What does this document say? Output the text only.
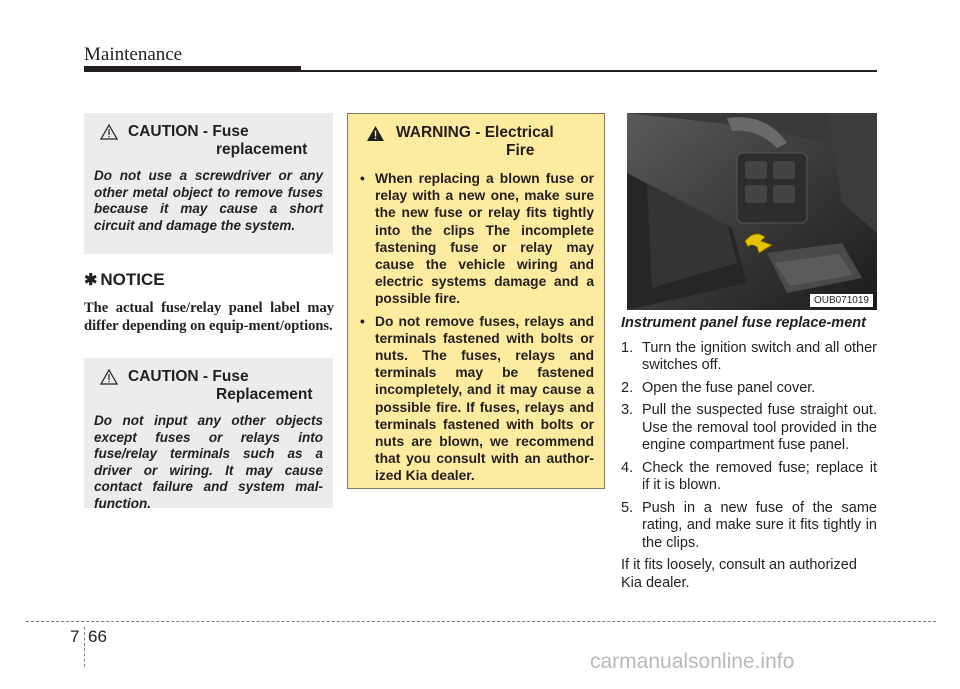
Maintenance
CAUTION - Fuse
replacement
Do not use a screwdriver or any other metal object to remove fuses because it may cause a short circuit and damage the system.
✱ NOTICE
The actual fuse/relay panel label may differ depending on equip-ment/options.
CAUTION - Fuse
Replacement
Do not input any other objects except fuses or relays into fuse/relay terminals such as a driver or wiring. It may cause contact failure and system mal-function.
WARNING - Electrical
Fire
• When replacing a blown fuse or relay with a new one, make sure the new fuse or relay fits tightly into the clips The incomplete fastening fuse or relay may cause the vehicle wiring and electric systems damage and a possible fire.
• Do not remove fuses, relays and terminals fastened with bolts or nuts. The fuses, relays and terminals may be fastened incompletely, and it may cause a possible fire. If fuses, relays and terminals fastened with bolts or nuts are blown, we recommend that you consult with an author-ized Kia dealer.
OUB071019
Instrument panel fuse replace-ment
1. Turn the ignition switch and all other switches off.
2. Open the fuse panel cover.
3. Pull the suspected fuse straight out. Use the removal tool provided in the engine compartment fuse panel.
4. Check the removed fuse; replace it if it is blown.
5. Push in a new fuse of the same rating, and make sure it fits tightly in the clips.
If it fits loosely, consult an authorized Kia dealer.
7 66
carmanualsonline.info
